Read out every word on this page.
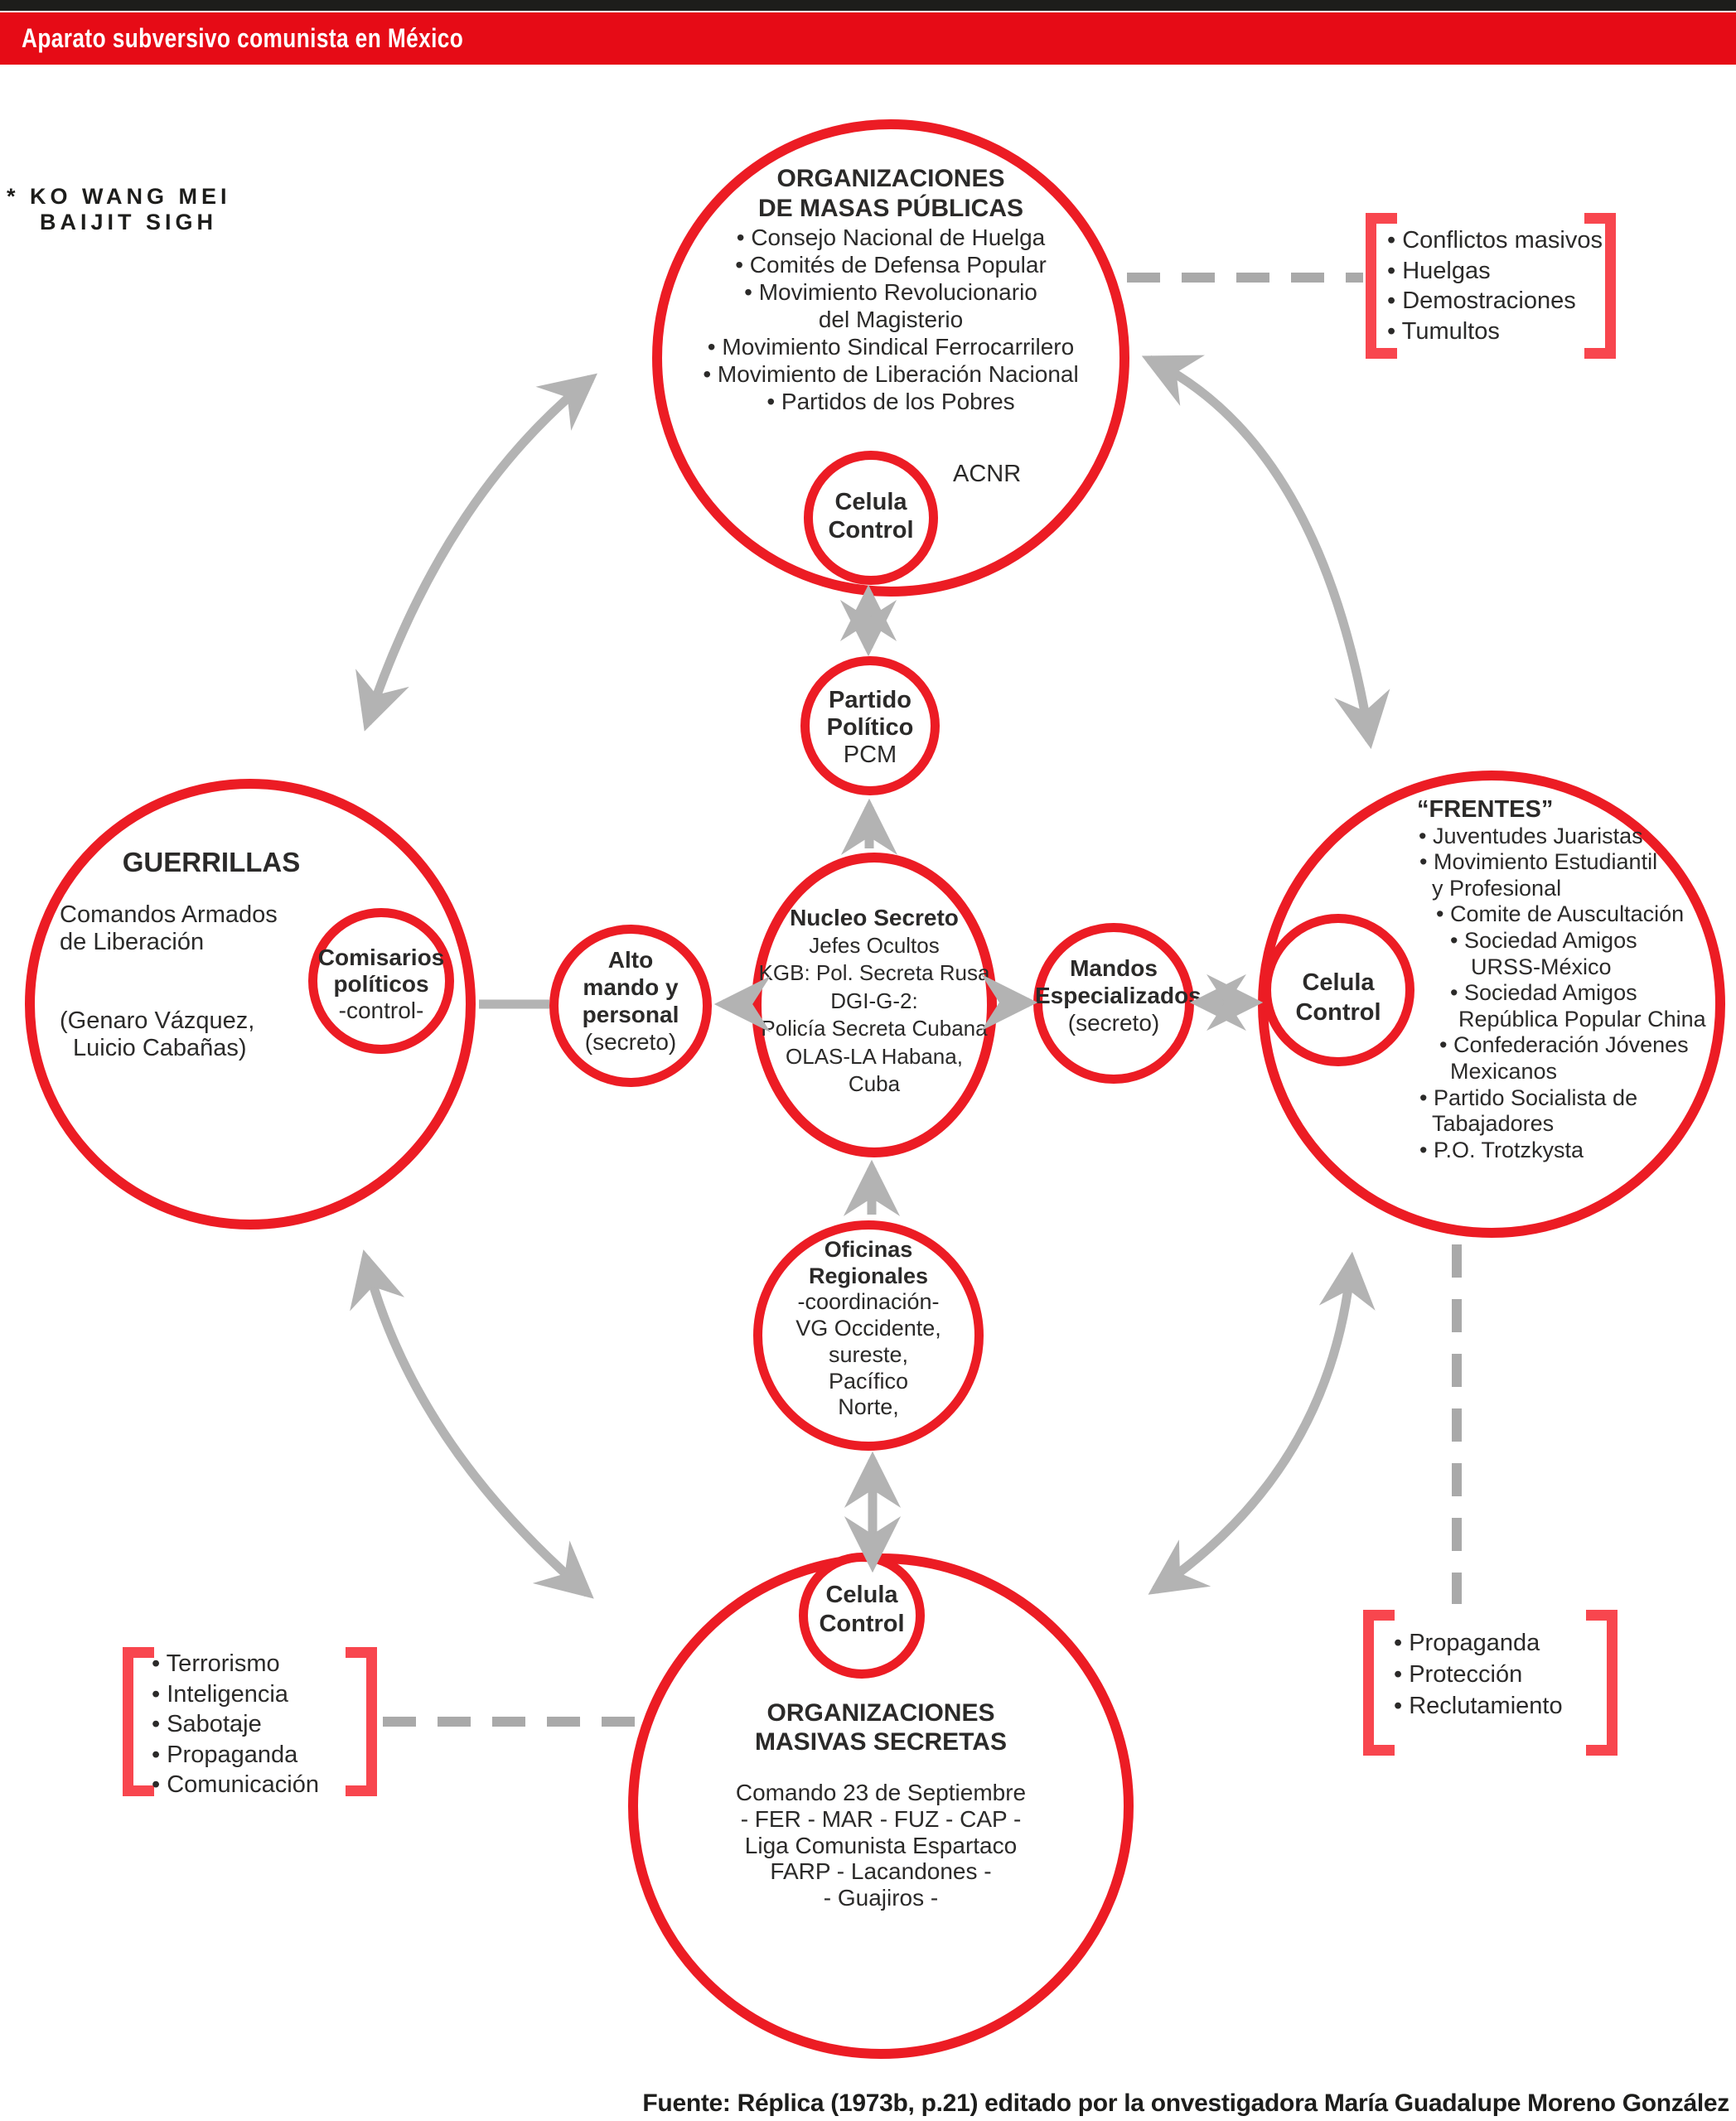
Aparato subversivo comunista en México
* KO WANG MEI
BAIJIT SIGH
ORGANIZACIONES
DE MASAS PÚBLICAS
• Consejo Nacional de Huelga
• Comités de Defensa Popular
• Movimiento Revolucionario
del Magisterio
• Movimiento Sindical Ferrocarrilero
• Movimiento de Liberación Nacional
• Partidos de los Pobres
ACNR
Celula
Control
Partido
Político
PCM
Nucleo Secreto
Jefes Ocultos
KGB: Pol. Secreta Rusa
DGI-G-2:
Policía Secreta Cubana
OLAS-LA Habana,
Cuba
Alto
mando y
personal
(secreto)
Comisarios
políticos
-control-
GUERRILLAS
Comandos Armados
de Liberación
(Genaro Vázquez,
Luicio Cabañas)
Mandos
Especializados
(secreto)
Celula
Control
“FRENTES”
• Juventudes Juaristas
• Movimiento Estudiantil
y Profesional
• Comite de Auscultación
• Sociedad Amigos
URSS-México
• Sociedad Amigos
República Popular China
• Confederación Jóvenes
Mexicanos
• Partido Socialista de
Tabajadores
• P.O. Trotzkysta
Oficinas
Regionales
-coordinación-
VG Occidente,
sureste,
Pacífico
Norte,
Celula
Control
ORGANIZACIONES
MASIVAS SECRETAS
Comando 23 de Septiembre
- FER - MAR - FUZ - CAP -
Liga Comunista Espartaco
FARP - Lacandones -
- Guajiros -
• Conflictos masivos
• Huelgas
• Demostraciones
• Tumultos
• Terrorismo
• Inteligencia
• Sabotaje
• Propaganda
• Comunicación
• Propaganda
• Protección
• Reclutamiento
Fuente: Réplica (1973b, p.21) editado por la onvestigadora María Guadalupe Moreno González
